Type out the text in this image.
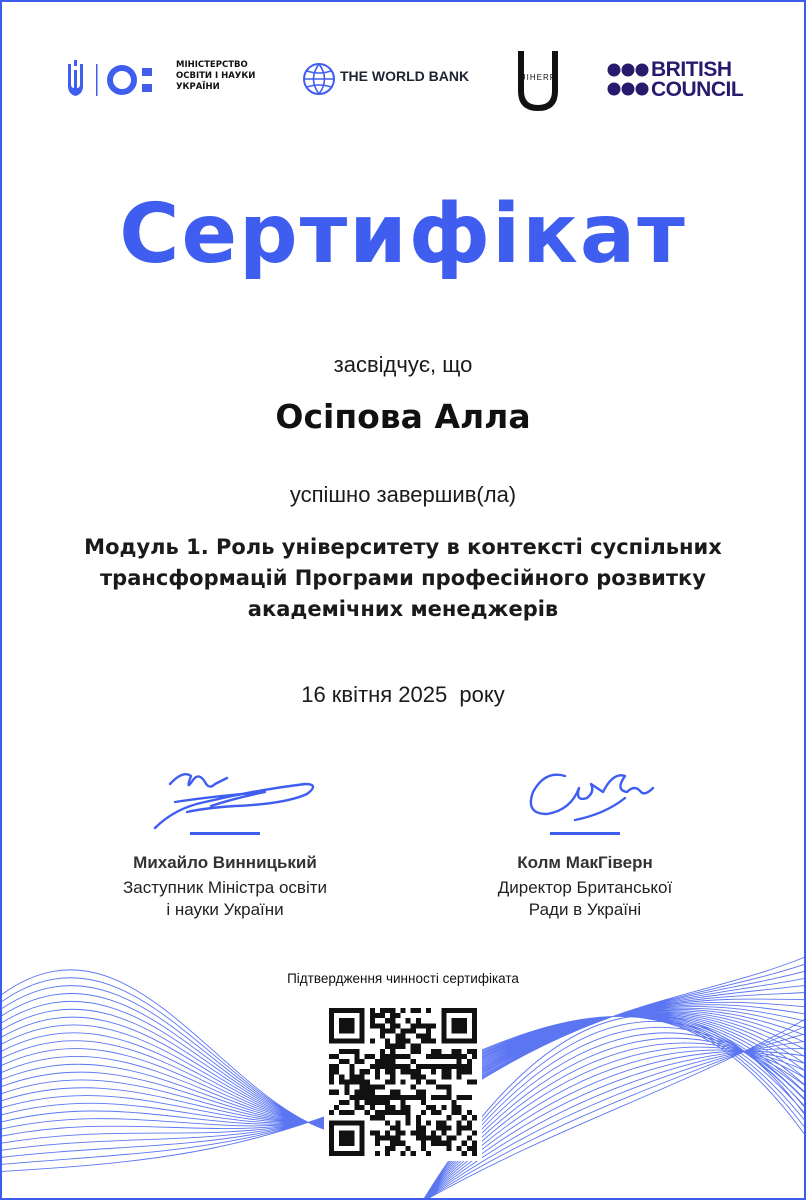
МІНІСТЕРСТВО
ОСВІТИ І НАУКИ
УКРАЇНИ
THE WORLD BANK	UIHERP	BRITISH
COUNCIL
Сертифікат
засвідчує, що
Осіпова Алла
успішно завершив(ла)
Модуль 1. Роль університету в контексті суспільних
трансформацій Програми професійного розвитку
академічних менеджерів
16 квітня 2025  року
Михайло Винницький
Заступник Міністра освіти
і науки України
Колм МакГіверн
Директор Британської
Ради в Україні
Підтвердження чинності сертифіката
